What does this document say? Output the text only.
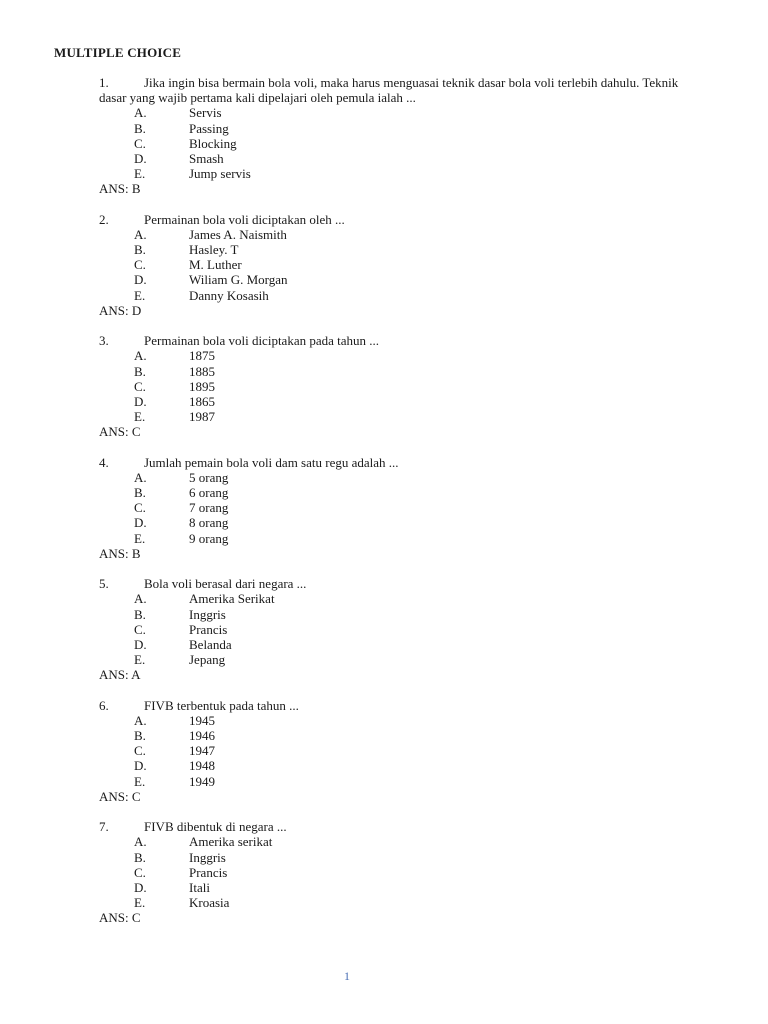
MULTIPLE CHOICE
1.	Jika ingin bisa bermain bola voli, maka harus menguasai teknik dasar bola voli terlebih dahulu. Teknik dasar yang wajib pertama kali dipelajari oleh pemula ialah ...
A.	Servis
B.	Passing
C.	Blocking
D.	Smash
E.	Jump servis
ANS: B
2.	Permainan bola voli diciptakan oleh ...
A.	James A. Naismith
B.	Hasley. T
C.	M. Luther
D.	Wiliam G. Morgan
E.	Danny Kosasih
ANS: D
3.	Permainan bola voli diciptakan pada tahun ...
A.	1875
B.	1885
C.	1895
D.	1865
E.	1987
ANS: C
4.	Jumlah pemain bola voli dam satu regu adalah ...
A.	5 orang
B.	6 orang
C.	7 orang
D.	8 orang
E.	9 orang
ANS: B
5.	Bola voli berasal dari negara ...
A.	Amerika Serikat
B.	Inggris
C.	Prancis
D.	Belanda
E.	Jepang
ANS: A
6.	FIVB terbentuk pada tahun ...
A.	1945
B.	1946
C.	1947
D.	1948
E.	1949
ANS: C
7.	FIVB dibentuk di negara ...
A.	Amerika serikat
B.	Inggris
C.	Prancis
D.	Itali
E.	Kroasia
ANS: C
1
